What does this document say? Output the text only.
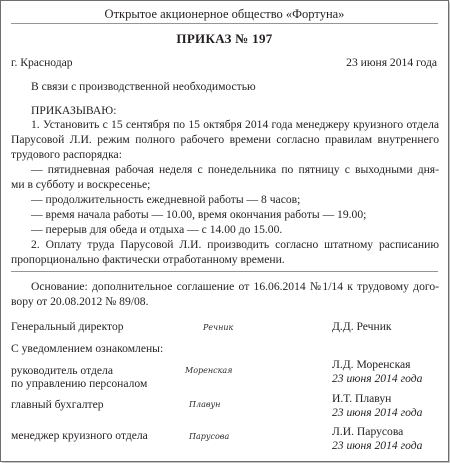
Открытое акционерное общество «Фортуна»
ПРИКАЗ № 197
г. Краснодар	23 июня 2014 года
В связи с производственной необходимостью
ПРИКАЗЫВАЮ:
1. Установить с 15 сентября по 15 октября 2014 года менеджеру круизного отдела
Парусовой Л.И. режим полного рабочего времени согласно правилам внутреннего
трудового распорядка:
— пятидневная рабочая неделя с понедельника по пятницу с выходными дня-
ми в субботу и воскресенье;
— продолжительность ежедневной работы — 8 часов;
— время начала работы — 10.00, время окончания работы — 19.00;
— перерыв для обеда и отдыха — с 14.00 до 15.00.
2. Оплату труда Парусовой Л.И. производить согласно штатному расписанию
пропорционально фактически отработанному времени.
Основание: дополнительное соглашение от 16.06.2014 №1/14 к трудовому дого-
вору от 20.08.2012 № 89/08.
Генеральный директор	Речник	Д.Д. Речник
С уведомлением ознакомлены:
руководитель отдела
по управлению персоналом
Моренская	Л.Д. Моренская
23 июня 2014 года
главный бухгалтер	Плавун	И.Т. Плавун
23 июня 2014 года
менеджер круизного отдела	Парусова	Л.И. Парусова
23 июня 2014 года
